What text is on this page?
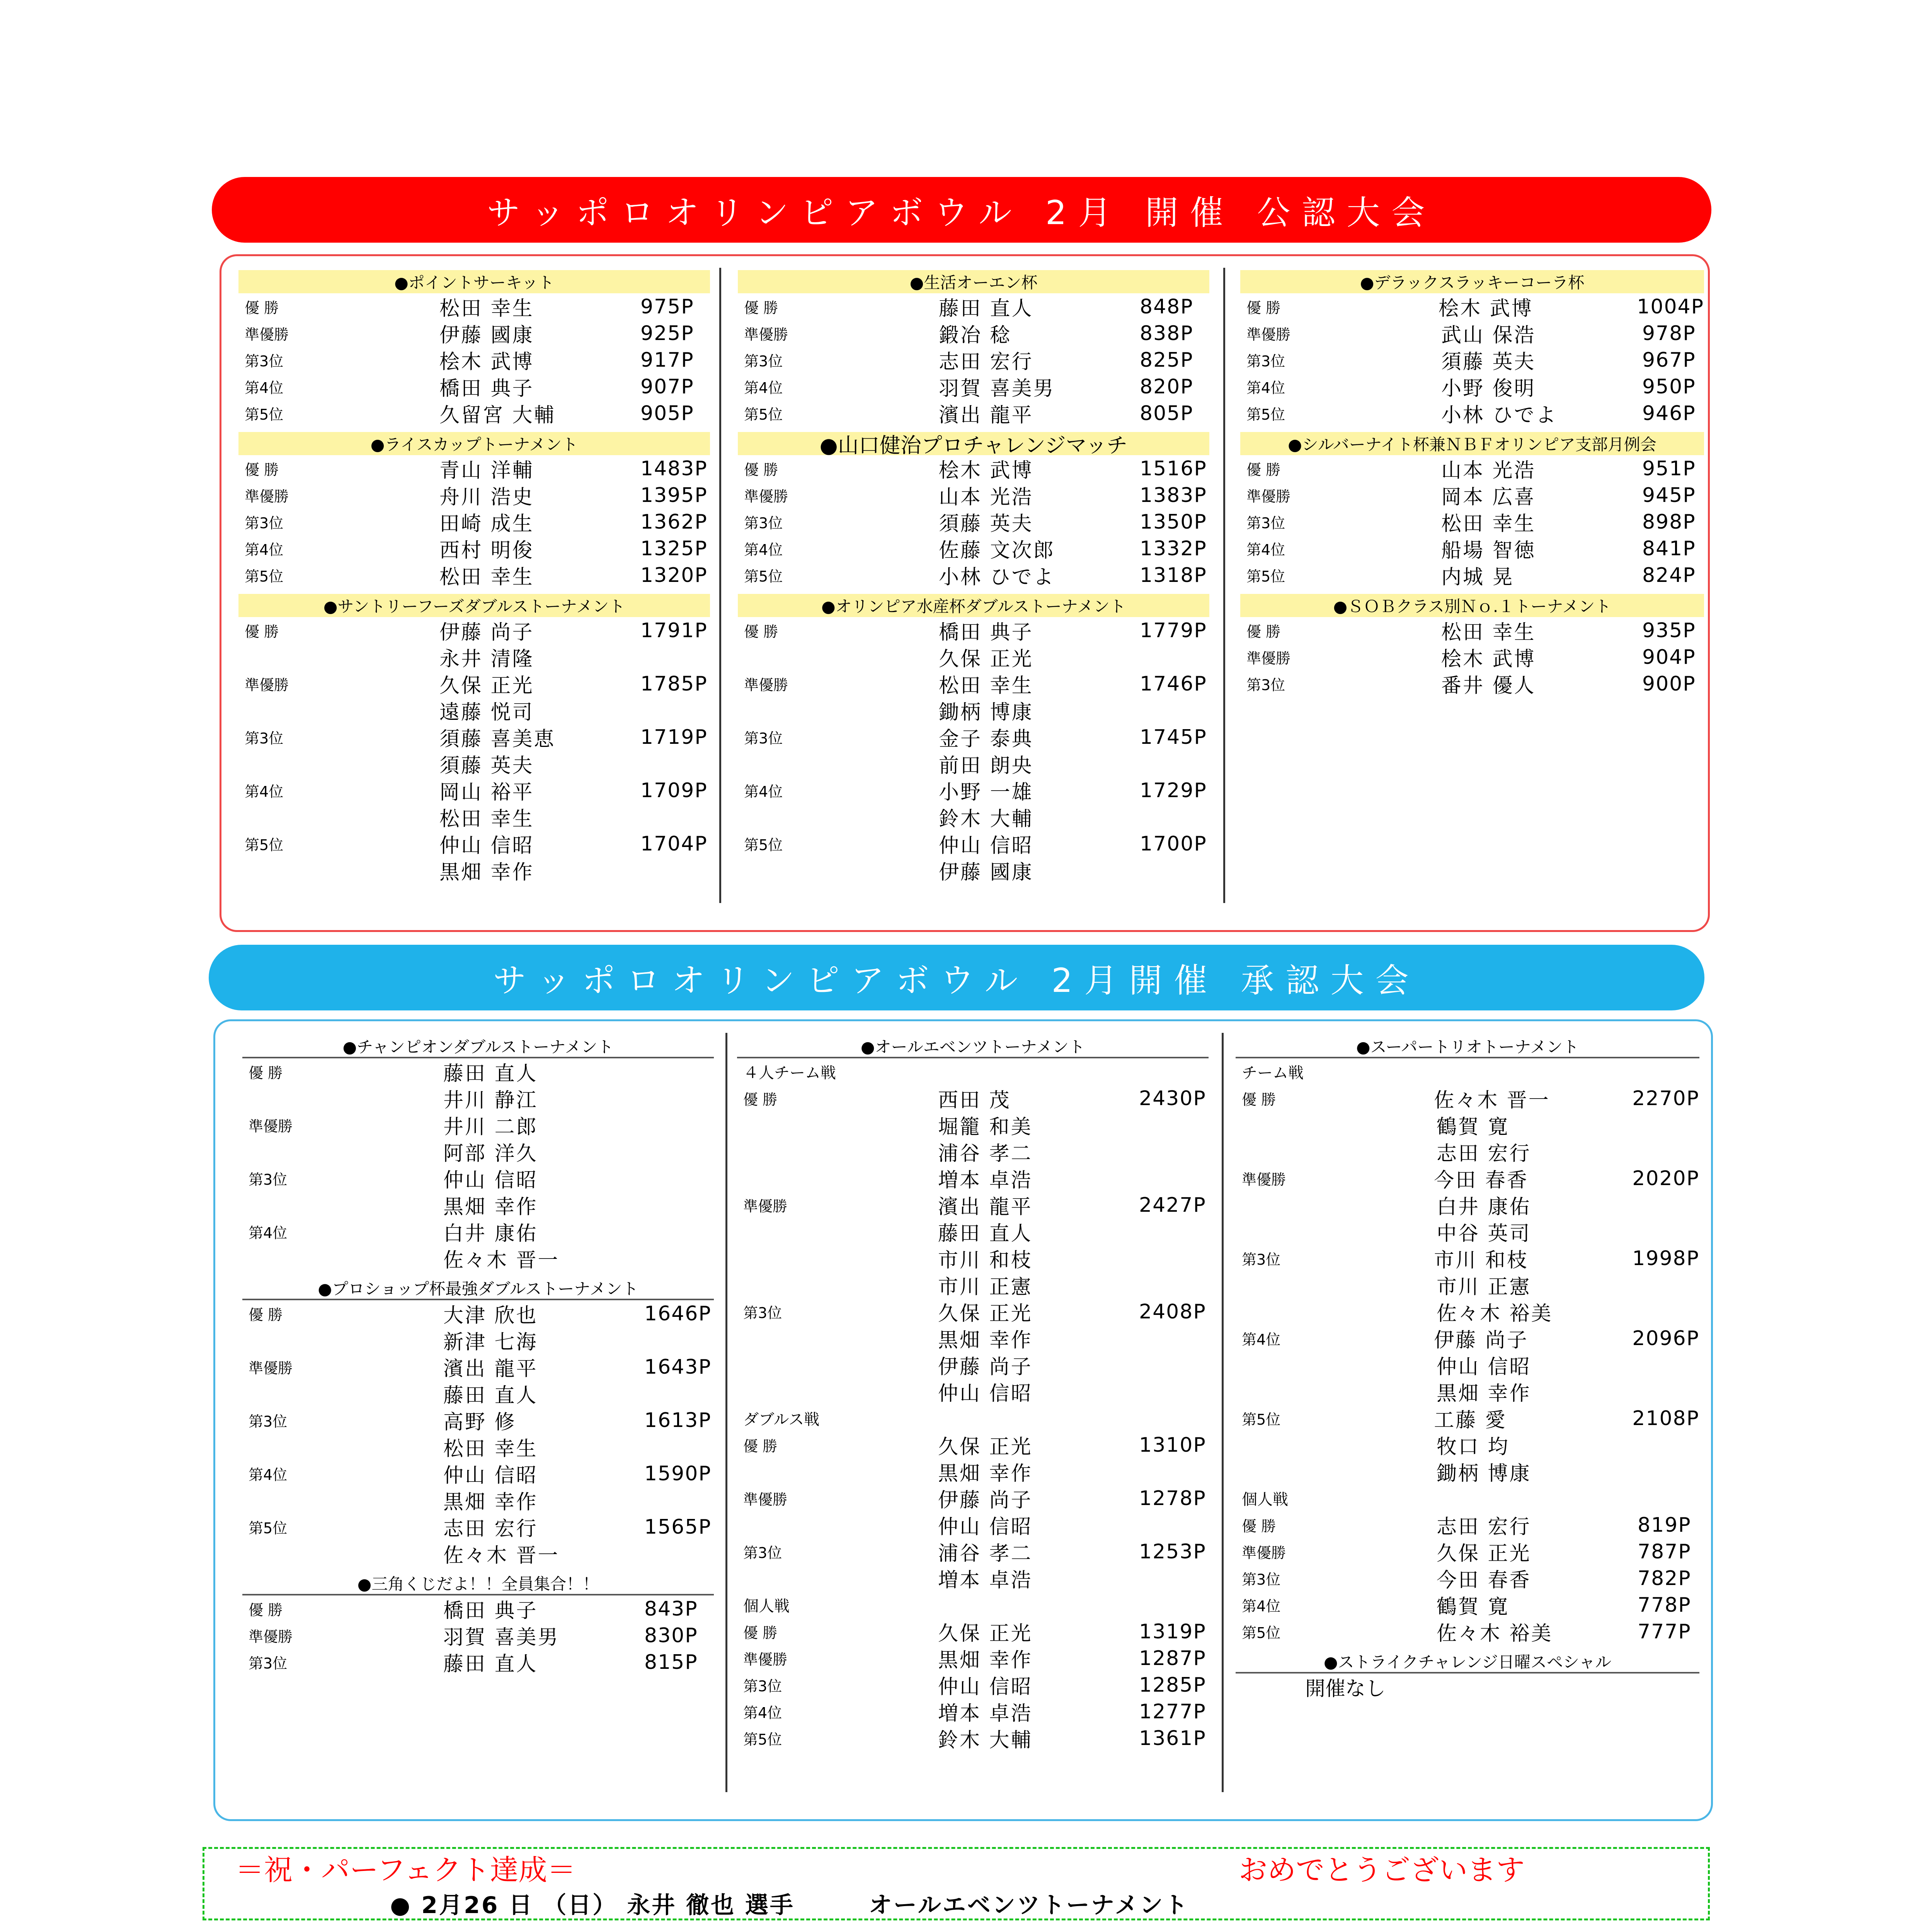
サッポロオリンピアボウル 2月 開催 公認大会
●ポイントサーキット
優 勝	松田 幸生	975P
準優勝	伊藤 國康	925P
第3位	桧木 武博	917P
第4位	橋田 典子	907P
第5位	久留宮 大輔	905P
●ライスカップトーナメント
優 勝	青山 洋輔	1483P
準優勝	舟川 浩史	1395P
第3位	田崎 成生	1362P
第4位	西村 明俊	1325P
第5位	松田 幸生	1320P
●サントリーフーズダブルストーナメント
優 勝	伊藤 尚子	1791P
永井 清隆
準優勝	久保 正光	1785P
遠藤 悦司
第3位	須藤 喜美恵	1719P
須藤 英夫
第4位	岡山 裕平	1709P
松田 幸生
第5位	仲山 信昭	1704P
黒畑 幸作
●生活オーエン杯
優 勝	藤田 直人	848P
準優勝	鍛冶 稔	838P
第3位	志田 宏行	825P
第4位	羽賀 喜美男	820P
第5位	濱出 龍平	805P
●山口健治プロチャレンジマッチ
優 勝	桧木 武博	1516P
準優勝	山本 光浩	1383P
第3位	須藤 英夫	1350P
第4位	佐藤 文次郎	1332P
第5位	小林 ひでよ	1318P
●オリンピア水産杯ダブルストーナメント
優 勝	橋田 典子	1779P
久保 正光
準優勝	松田 幸生	1746P
鋤柄 博康
第3位	金子 泰典	1745P
前田 朗央
第4位	小野 一雄	1729P
鈴木 大輔
第5位	仲山 信昭	1700P
伊藤 國康
●デラックスラッキーコーラ杯
優 勝	桧木 武博	1004P
準優勝	武山 保浩	978P
第3位	須藤 英夫	967P
第4位	小野 俊明	950P
第5位	小林 ひでよ	946P
●シルバーナイト杯兼ＮＢＦオリンピア支部月例会
優 勝	山本 光浩	951P
準優勝	岡本 広喜	945P
第3位	松田 幸生	898P
第4位	船場 智徳	841P
第5位	内城 晃	824P
●ＳＯＢクラス別Ｎｏ.１トーナメント
優 勝	松田 幸生	935P
準優勝	桧木 武博	904P
第3位	番井 優人	900P
サッポロオリンピアボウル 2月開催 承認大会
●チャンピオンダブルストーナメント
優 勝	藤田 直人
井川 静江
準優勝	井川 二郎
阿部 洋久
第3位	仲山 信昭
黒畑 幸作
第4位	白井 康佑
佐々木 晋一
●プロショップ杯最強ダブルストーナメント
優 勝	大津 欣也	1646P
新津 七海
準優勝	濱出 龍平	1643P
藤田 直人
第3位	高野 修	1613P
松田 幸生
第4位	仲山 信昭	1590P
黒畑 幸作
第5位	志田 宏行	1565P
佐々木 晋一
●三角くじだよ！！全員集合！！
優 勝	橋田 典子	843P
準優勝	羽賀 喜美男	830P
第3位	藤田 直人	815P
●オールエベンツトーナメント
４人チーム戦
優 勝	西田 茂	2430P
堀籠 和美
浦谷 孝二
増本 卓浩
準優勝	濱出 龍平	2427P
藤田 直人
市川 和枝
市川 正憲
第3位	久保 正光	2408P
黒畑 幸作
伊藤 尚子
仲山 信昭
ダブルス戦
優 勝	久保 正光	1310P
黒畑 幸作
準優勝	伊藤 尚子	1278P
仲山 信昭
第3位	浦谷 孝二	1253P
増本 卓浩
個人戦
優 勝	久保 正光	1319P
準優勝	黒畑 幸作	1287P
第3位	仲山 信昭	1285P
第4位	増本 卓浩	1277P
第5位	鈴木 大輔	1361P
●スーパートリオトーナメント
チーム戦
優 勝	佐々木 晋一	2270P
鶴賀 寛
志田 宏行
準優勝	今田 春香	2020P
白井 康佑
中谷 英司
第3位	市川 和枝	1998P
市川 正憲
佐々木 裕美
第4位	伊藤 尚子	2096P
仲山 信昭
黒畑 幸作
第5位	工藤 愛	2108P
牧口 均
鋤柄 博康
個人戦
優 勝	志田 宏行	819P
準優勝	久保 正光	787P
第3位	今田 春香	782P
第4位	鶴賀 寛	778P
第5位	佐々木 裕美	777P
●ストライクチャレンジ日曜スペシャル
開催なし
＝祝・パーフェクト達成＝	おめでとうございます
● 2月26 日 （日） 永井 徹也 選手　　　オールエベンツトーナメント
